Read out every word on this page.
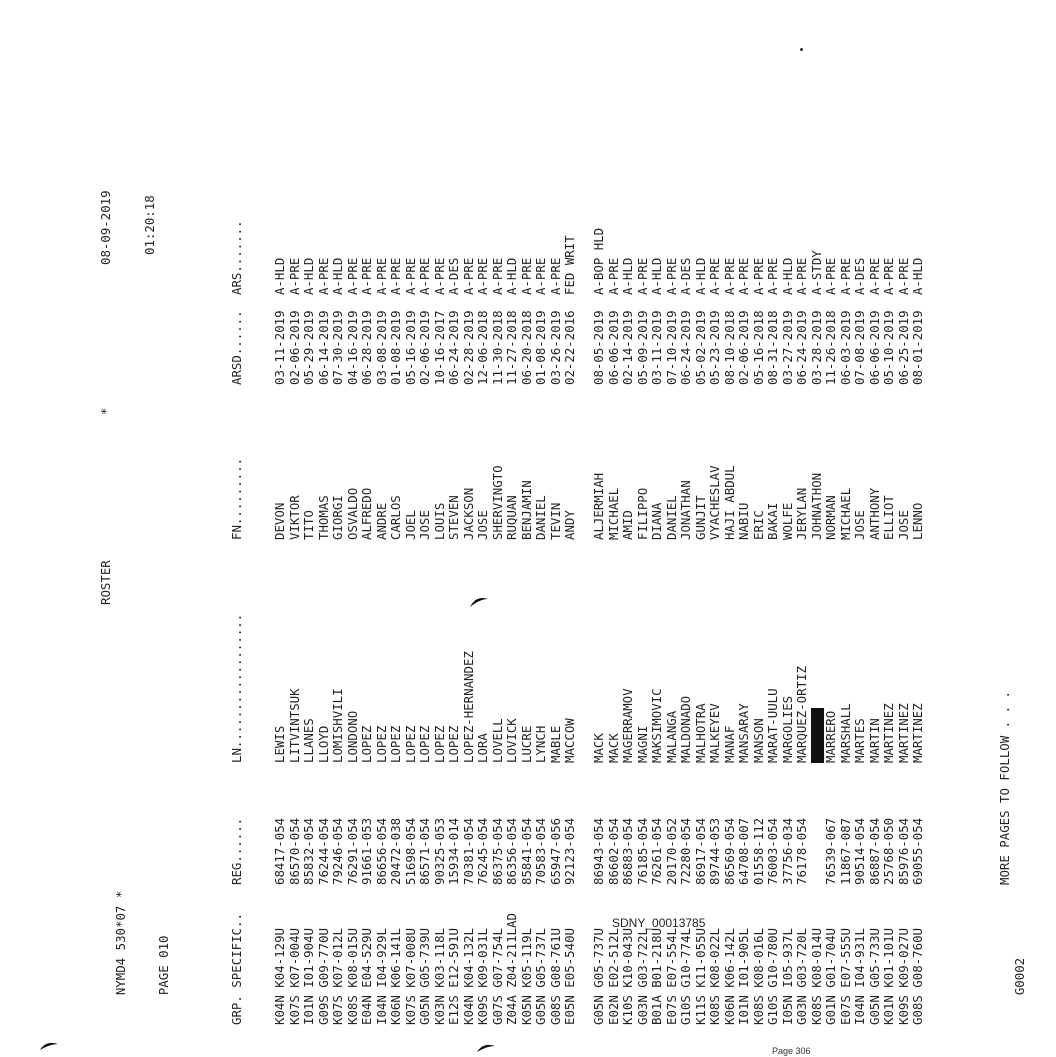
NYMD4 530*07 *

ROSTER

*

08-09-2019

PAGE 010

01:20:18

GRP. SPECIFIC..

REG......

LN..................

FN.........

ARSD......

ARS.......

K04N K04-129U
68417-054
LEWIS
DEVON
03-11-2019
A-HLD
K07S K07-004U
86570-054
LITVINTSUK
VIKTOR
02-06-2019
A-PRE
I01N I01-904U
85832-054
LLANES
TITO
05-29-2019
A-HLD
G09S G09-770U
76244-054
LLOYD
THOMAS
06-14-2019
A-PRE
K07S K07-012L
79246-054
LOMISHVILI
GIORGI
07-30-2019
A-HLD
K08S K08-015U
76291-054
LONDONO
OSVALDO
04-16-2019
A-PRE
E04N E04-529U
91661-053
LOPEZ
ALFREDO
06-28-2019
A-PRE
I04N I04-929L
86656-054
LOPEZ
ANDRE
03-08-2019
A-PRE
K06N K06-141L
20472-038
LOPEZ
CARLOS
01-08-2019
A-PRE
K07S K07-008U
51698-054
LOPEZ
JOEL
05-16-2019
A-PRE
G05N G05-739U
86571-054
LOPEZ
JOSE
02-06-2019
A-PRE
K03N K03-118L
90325-053
LOPEZ
LOUIS
10-16-2017
A-PRE
E12S E12-591U
15934-014
LOPEZ
STEVEN
06-24-2019
A-DES
K04N K04-132L
70381-054
LOPEZ-HERNANDEZ
JACKSON
02-28-2019
A-PRE
K09S K09-031L
76245-054
LORA
JOSE
12-06-2018
A-PRE
G07S G07-754L
86375-054
LOVELL
SHERVINGTO
11-30-2018
A-PRE
Z04A Z04-211LAD
86356-054
LOVICK
RUQUAN
11-27-2018
A-HLD
K05N K05-119L
85841-054
LUCRE
BENJAMIN
06-20-2018
A-PRE
G05N G05-737L
70583-054
LYNCH
DANIEL
01-08-2019
A-PRE
G08S G08-761U
65947-056
MABLE
TEVIN
03-26-2019
A-PRE
E05N E05-540U
92123-054
MACCOW
ANDY
02-22-2016
FED WRIT
G05N G05-737U
86943-054
MACK
ALJERMIAH
08-05-2019
A-BOP HLD
E02N E02-512L
86602-054
MACK
MICHAEL
06-06-2019
A-PRE
K10S K10-043U
86883-054
MAGERRAMOV
AMID
02-14-2019
A-HLD
G03N G03-722L
76185-054
MAGNI
FILIPPO
05-09-2019
A-PRE
B01A B01-218U
76261-054
MAKSIMOVIC
DIANA
03-11-2019
A-HLD
E07S E07-554L
20170-052
MALANGA
DANIEL
07-10-2019
A-PRE
G10S G10-774L
72280-054
MALDONADO
JONATHAN
06-24-2019
A-DES
K11S K11-055U
86917-054
MALHOTRA
GUNJIT
05-02-2019
A-HLD
K08S K08-022L
89744-053
MALKEYEV
VYACHESLAV
05-23-2019
A-PRE
K06N K06-142L
86569-054
MANAF
HAJI ABDUL
08-10-2018
A-PRE
I01N I01-905L
64708-007
MANSARAY
NABIU
02-06-2019
A-PRE
K08S K08-016L
01558-112
MANSON
ERIC
05-16-2018
A-PRE
G10S G10-780U
76003-054
MARAT-UULU
BAKAI
08-31-2018
A-PRE
I05N I05-937L
37756-034
MARGOLIES
WOLFE
03-27-2019
A-HLD
G03N G03-720L
76178-054
MARQUEZ-ORTIZ
JERYLAN
06-24-2019
A-PRE
K08S K08-014U
JOHNATHON
03-28-2019
A-STDY
G01N G01-704U
76539-067
MARRERO
NORMAN
11-26-2018
A-PRE
E07S E07-555U
11867-087
MARSHALL
MICHAEL
06-03-2019
A-PRE
I04N I04-931L
90514-054
MARTES
JOSE
07-08-2019
A-DES
G05N G05-733U
86887-054
MARTIN
ANTHONY
06-06-2019
A-PRE
K01N K01-101U
25768-050
MARTINEZ
ELLIOT
05-10-2019
A-PRE
K09S K09-027U
85976-054
MARTINEZ
JOSE
06-25-2019
A-PRE
G08S G08-760U
69055-054
MARTINEZ
LENNO
08-01-2019
A-HLD

G0002

MORE PAGES TO FOLLOW . . .

SDNY_00013785
Page 306
